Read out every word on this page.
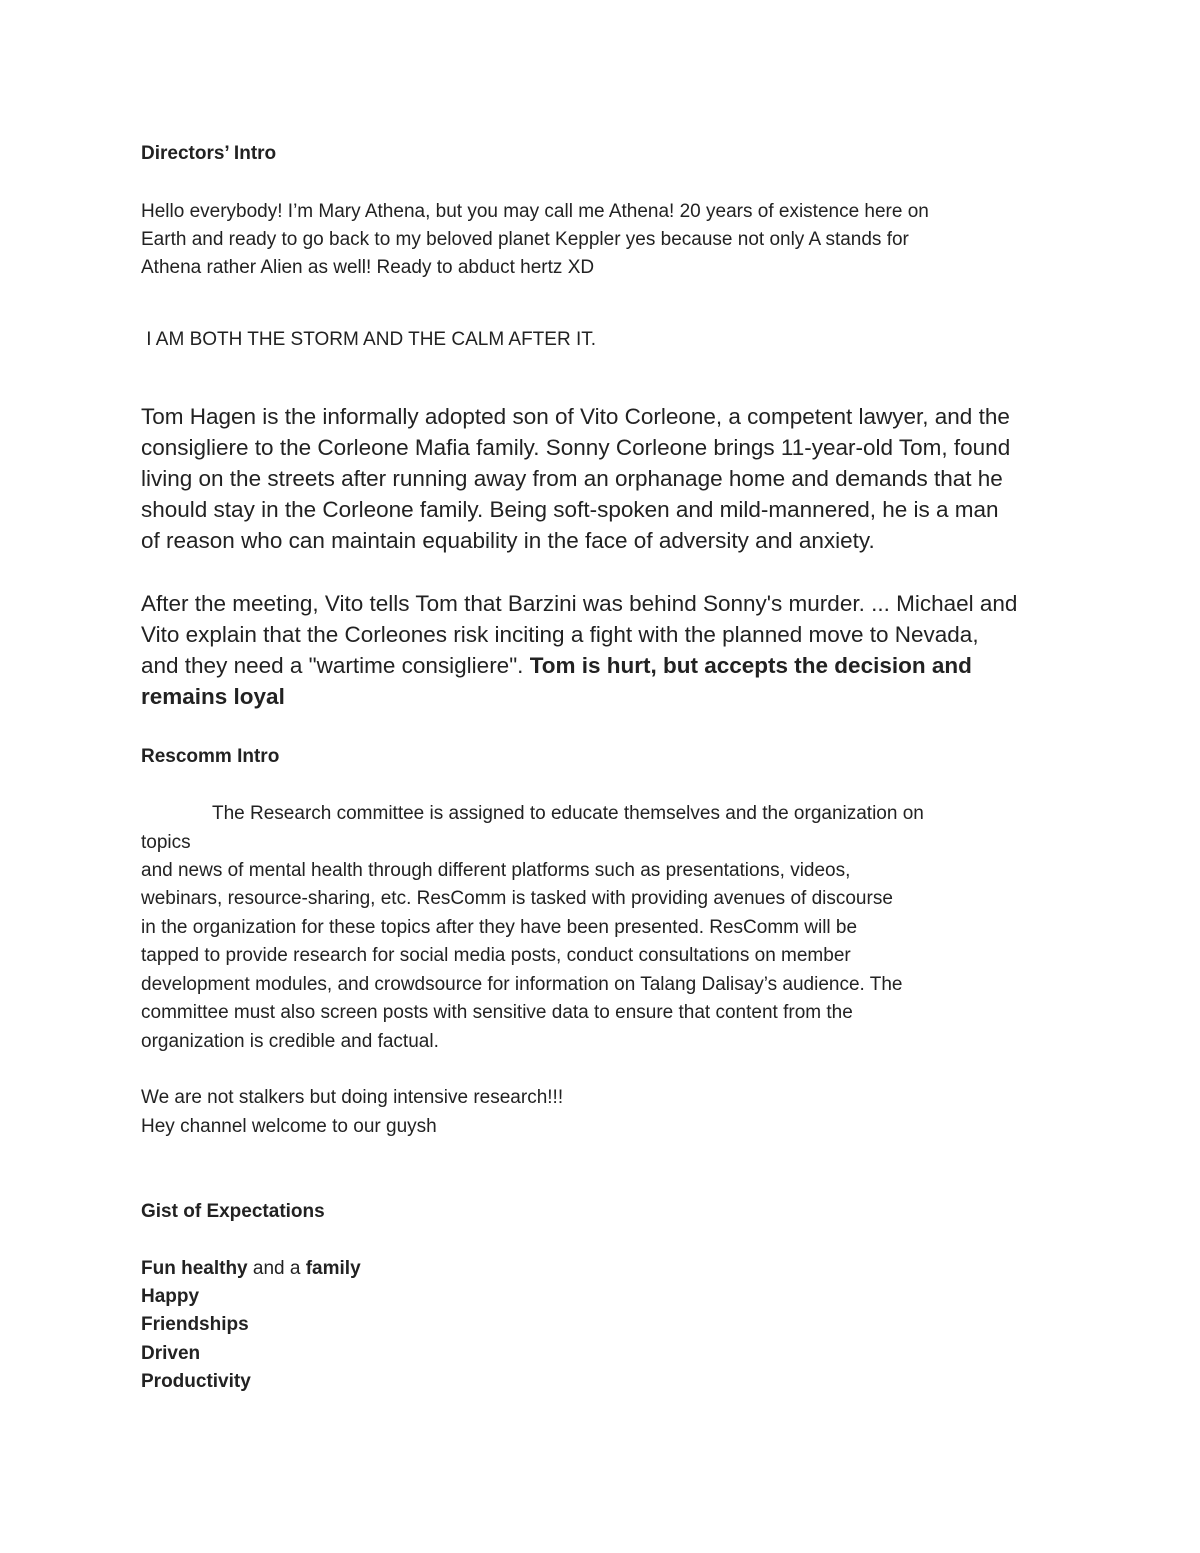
Directors’ Intro

Hello everybody! I’m Mary Athena, but you may call me Athena! 20 years of existence here on

Earth and ready to go back to my beloved planet Keppler yes because not only A stands for

Athena rather Alien as well! Ready to abduct hertz XD

I AM BOTH THE STORM AND THE CALM AFTER IT.

Tom Hagen is the informally adopted son of Vito Corleone, a competent lawyer, and the

consigliere to the Corleone Mafia family. Sonny Corleone brings 11-year-old Tom, found

living on the streets after running away from an orphanage home and demands that he

should stay in the Corleone family. Being soft-spoken and mild-mannered, he is a man

of reason who can maintain equability in the face of adversity and anxiety.

After the meeting, Vito tells Tom that Barzini was behind Sonny's murder. ... Michael and

Vito explain that the Corleones risk inciting a fight with the planned move to Nevada,

and they need a "wartime consigliere". Tom is hurt, but accepts the decision and

remains loyal

Rescomm Intro

The Research committee is assigned to educate themselves and the organization on

topics

and news of mental health through different platforms such as presentations, videos,

webinars, resource-sharing, etc. ResComm is tasked with providing avenues of discourse

in the organization for these topics after they have been presented. ResComm will be

tapped to provide research for social media posts, conduct consultations on member

development modules, and crowdsource for information on Talang Dalisay’s audience. The

committee must also screen posts with sensitive data to ensure that content from the

organization is credible and factual.

We are not stalkers but doing intensive research!!!

Hey channel welcome to our guysh

Gist of Expectations

Fun healthy and a family

Happy

Friendships

Driven

Productivity
